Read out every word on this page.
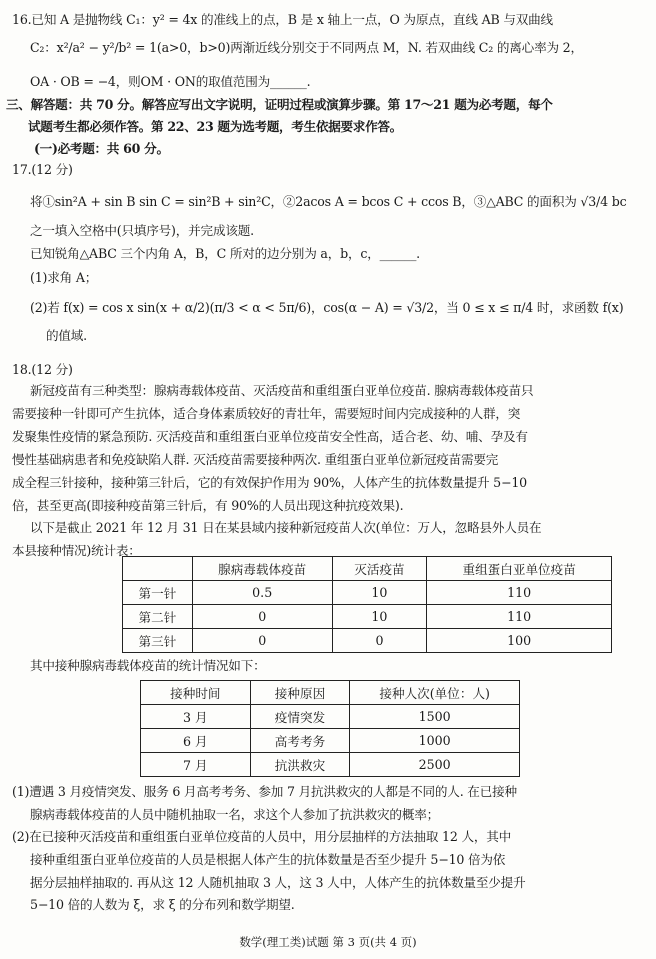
16.已知 A 是抛物线 C₁：y² = 4x 的准线上的点，B 是 x 轴上一点，O 为原点，直线 AB 与双曲线
C₂：x²/a² − y²/b² = 1(a>0，b>0)两渐近线分别交于不同两点 M，N. 若双曲线 C₂ 的离心率为 2，
OA · OB = −4，则OM · ON的取值范围为______.
三、解答题：共 70 分。解答应写出文字说明，证明过程或演算步骤。第 17～21 题为必考题，每个
试题考生都必须作答。第 22、23 题为选考题，考生依据要求作答。
(一)必考题：共 60 分。
17.(12 分)
将①sin²A + sin B sin C = sin²B + sin²C，②2acos A = bcos C + ccos B，③△ABC 的面积为 √3/4 bc
之一填入空格中(只填序号)，并完成该题.
已知锐角△ABC 三个内角 A，B，C 所对的边分别为 a，b，c，______.
(1)求角 A；
(2)若 f(x) = cos x sin(x + α/2)(π/3 < α < 5π/6)，cos(α − A) = √3/2，当 0 ≤ x ≤ π/4 时，求函数 f(x)
的值域.
18.(12 分)
新冠疫苗有三种类型：腺病毒载体疫苗、灭活疫苗和重组蛋白亚单位疫苗. 腺病毒载体疫苗只
需要接种一针即可产生抗体，适合身体素质较好的青壮年，需要短时间内完成接种的人群，突
发聚集性疫情的紧急预防. 灭活疫苗和重组蛋白亚单位疫苗安全性高，适合老、幼、哺、孕及有
慢性基础病患者和免疫缺陷人群. 灭活疫苗需要接种两次. 重组蛋白亚单位新冠疫苗需要完
成全程三针接种，接种第三针后，它的有效保护作用为 90%，人体产生的抗体数量提升 5−10
倍，甚至更高(即接种疫苗第三针后，有 90%的人员出现这种抗疫效果).
以下是截止 2021 年 12 月 31 日在某县域内接种新冠疫苗人次(单位：万人，忽略县外人员在
本县接种情况)统计表：
	腺病毒载体疫苗	灭活疫苗	重组蛋白亚单位疫苗
第一针	0.5	10	110
第二针	0	10	110
第三针	0	0	100
其中接种腺病毒载体疫苗的统计情况如下：
接种时间	接种原因	接种人次(单位：人)
3 月	疫情突发	1500
6 月	高考考务	1000
7 月	抗洪救灾	2500
(1)遭遇 3 月疫情突发、服务 6 月高考考务、参加 7 月抗洪救灾的人都是不同的人. 在已接种
腺病毒载体疫苗的人员中随机抽取一名，求这个人参加了抗洪救灾的概率；
(2)在已接种灭活疫苗和重组蛋白亚单位疫苗的人员中，用分层抽样的方法抽取 12 人，其中
接种重组蛋白亚单位疫苗的人员是根据人体产生的抗体数量是否至少提升 5−10 倍为依
据分层抽样抽取的. 再从这 12 人随机抽取 3 人，这 3 人中，人体产生的抗体数量至少提升
5−10 倍的人数为 ξ，求 ξ 的分布列和数学期望.
数学(理工类)试题 第 3 页(共 4 页)
